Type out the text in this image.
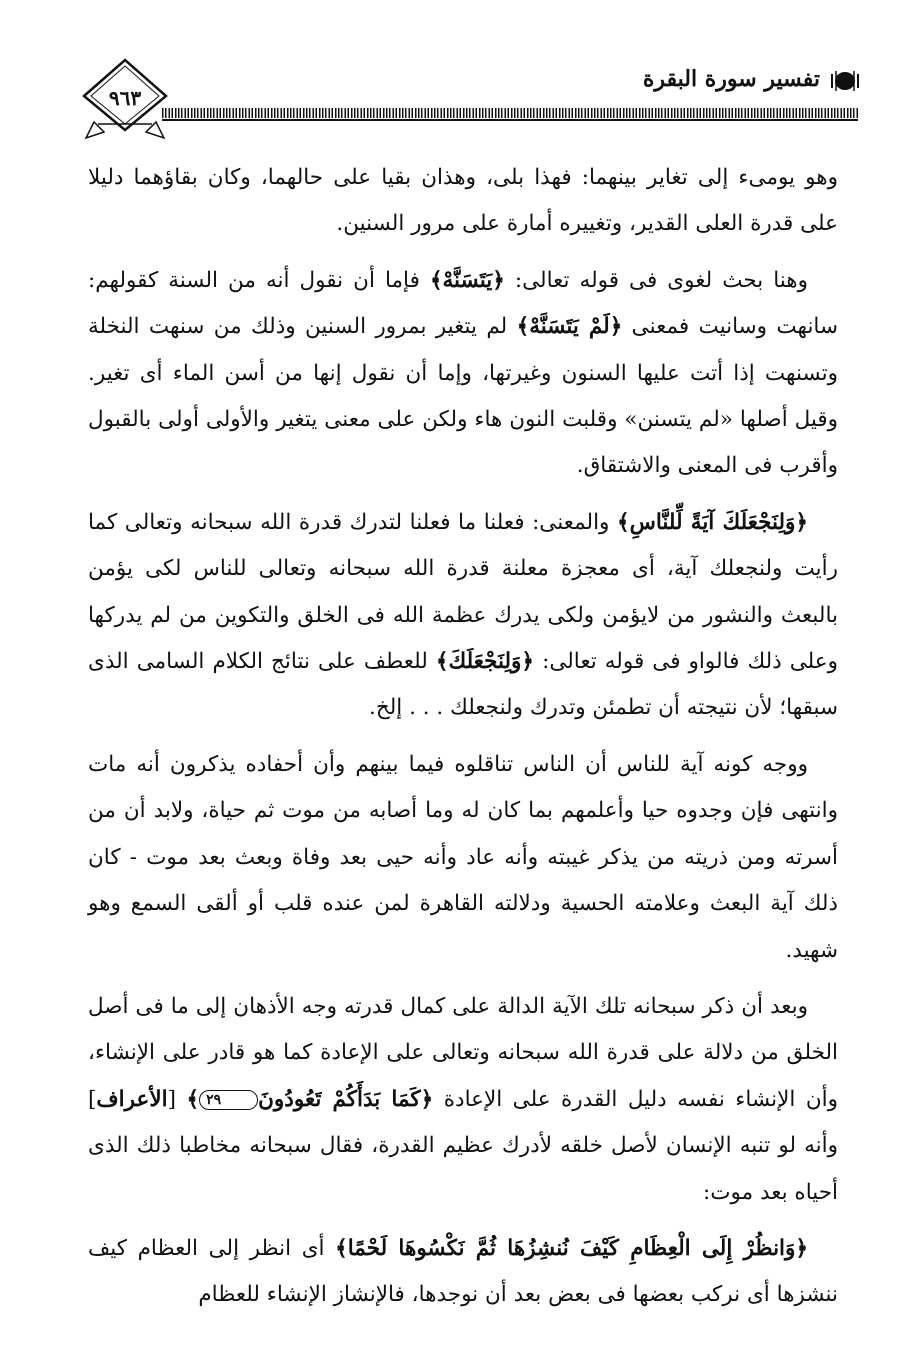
٩٦٣
تفسير سورة البقرة

وهو يومىء إلى تغاير بينهما: فهذا بلى، وهذان بقيا على حالهما، وكان بقاؤهما دليلا على قدرة العلى القدير، وتغييره أمارة على مرور السنين.

وهنا بحث لغوى فى قوله تعالى: ﴿يَتَسَنَّهْ﴾ فإما أن نقول أنه من السنة كقولهم: سانهت وسانيت فمعنى ﴿لَمْ يَتَسَنَّهْ﴾ لم يتغير بمرور السنين وذلك من سنهت النخلة وتسنهت إذا أتت عليها السنون وغيرتها، وإما أن نقول إنها من أسن الماء أى تغير. وقيل أصلها «لم يتسنن» وقلبت النون هاء ولكن على معنى يتغير والأولى أولى بالقبول وأقرب فى المعنى والاشتقاق.

﴿وَلِنَجْعَلَكَ آيَةً لِّلنَّاسِ﴾ والمعنى: فعلنا ما فعلنا لتدرك قدرة الله سبحانه وتعالى كما رأيت ولنجعلك آية، أى معجزة معلنة قدرة الله سبحانه وتعالى للناس لكى يؤمن بالبعث والنشور من لايؤمن ولكى يدرك عظمة الله فى الخلق والتكوين من لم يدركها وعلى ذلك فالواو فى قوله تعالى: ﴿وَلِنَجْعَلَكَ﴾ للعطف على نتائج الكلام السامى الذى سبقها؛ لأن نتيجته أن تطمئن وتدرك ولنجعلك . . . إلخ.

ووجه كونه آية للناس أن الناس تناقلوه فيما بينهم وأن أحفاده يذكرون أنه مات وانتهى فإن وجدوه حيا وأعلمهم بما كان له وما أصابه من موت ثم حياة، ولابد أن من أسرته ومن ذريته من يذكر غيبته وأنه عاد وأنه حيى بعد وفاة وبعث بعد موت - كان ذلك آية البعث وعلامته الحسية ودلالته القاهرة لمن عنده قلب أو ألقى السمع وهو شهيد.

وبعد أن ذكر سبحانه تلك الآية الدالة على كمال قدرته وجه الأذهان إلى ما فى أصل الخلق من دلالة على قدرة الله سبحانه وتعالى على الإعادة كما هو قادر على الإنشاء، وأن الإنشاء نفسه دليل القدرة على الإعادة ﴿كَمَا بَدَأَكُمْ تَعُودُونَ٢٩﴾ [الأعراف] وأنه لو تنبه الإنسان لأصل خلقه لأدرك عظيم القدرة، فقال سبحانه مخاطبا ذلك الذى أحياه بعد موت:

﴿وَانظُرْ إِلَى الْعِظَامِ كَيْفَ نُنشِزُهَا ثُمَّ نَكْسُوهَا لَحْمًا﴾ أى انظر إلى العظام كيف ننشزها أى نركب بعضها فى بعض بعد أن نوجدها، فالإنشاز الإنشاء للعظام
